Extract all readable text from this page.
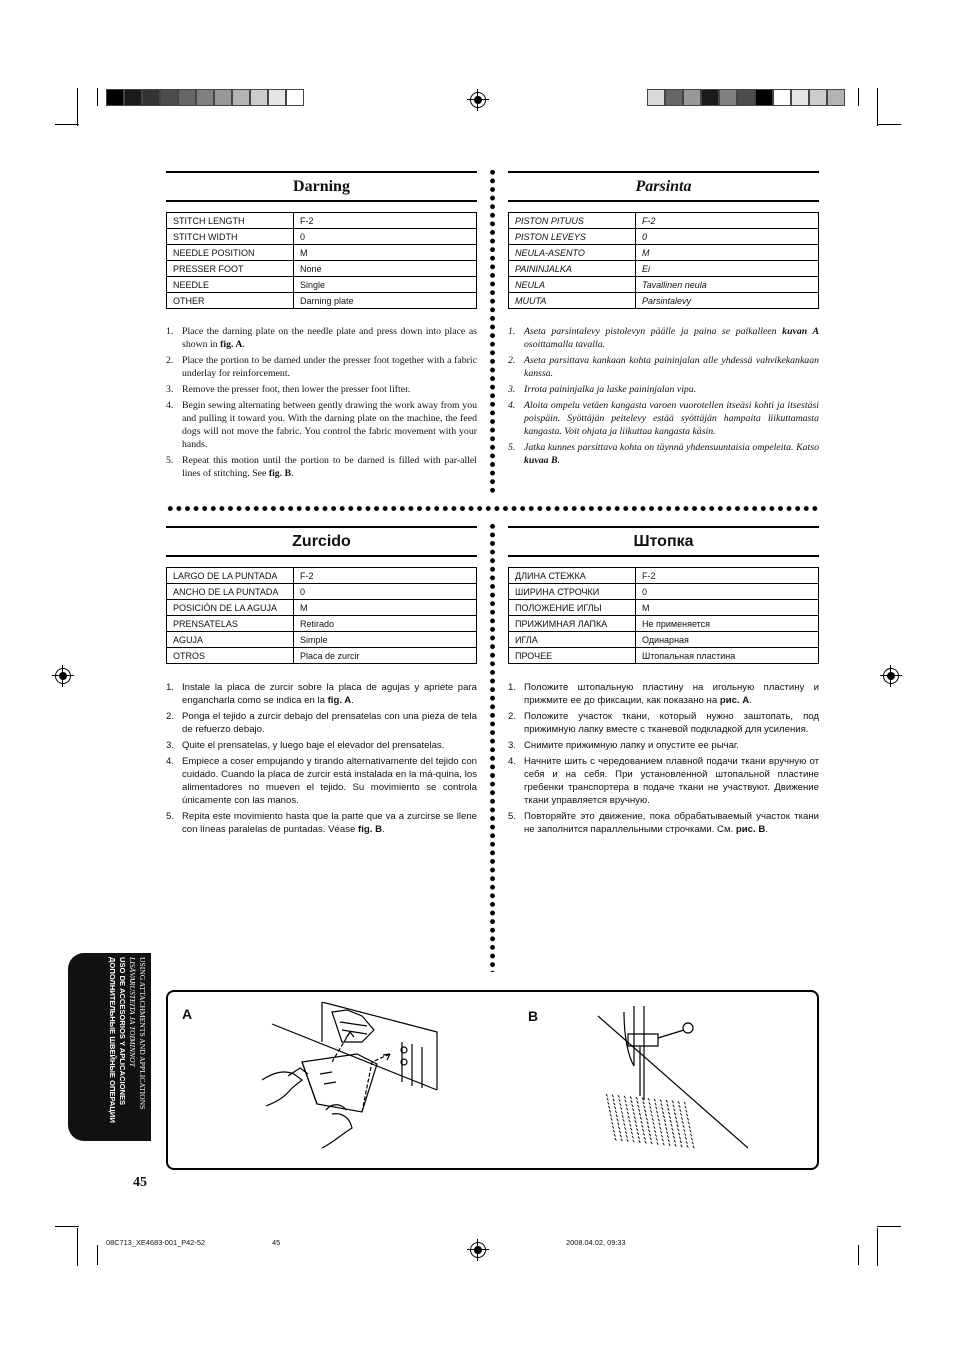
Darning
STITCH LENGTH	F-2
STITCH WIDTH	0
NEEDLE POSITION	M
PRESSER FOOT	None
NEEDLE	Single
OTHER	Darning plate
1. Place the darning plate on the needle plate and press down into place as shown in fig. A.
2. Place the portion to be darned under the presser foot together with a fabric underlay for reinforcement.
3. Remove the presser foot, then lower the presser foot lifter.
4. Begin sewing alternating between gently drawing the work away from you and pulling it toward you. With the darning plate on the machine, the feed dogs will not move the fabric. You control the fabric movement with your hands.
5. Repeat this motion until the portion to be darned is filled with par-allel lines of stitching. See fig. B.
Parsinta
PISTON PITUUS	F-2
PISTON LEVEYS	0
NEULA-ASENTO	M
PAININJALKA	Ei
NEULA	Tavallinen neula
MUUTA	Parsintalevy
1. Aseta parsintalevy pistolevyn päälle ja paina se paikalleen kuvan A osoittamalla tavalla.
2. Aseta parsittava kankaan kohta paininjalan alle yhdessä vahvikekankaan kanssa.
3. Irrota paininjalka ja laske paininjalan vipu.
4. Aloita ompelu vetäen kangasta varoen vuorotellen itseäsi kohti ja itsestäsi poispäin. Syöttäjän peitelevy estää syöttäjän hampaita liikuttamasta kangasta. Voit ohjata ja liikuttaa kangasta käsin.
5. Jatka kunnes parsittava kohta on täynnä yhdensuuntaisia ompeleita. Katso kuvaa B.
Zurcido
LARGO DE LA PUNTADA	F-2
ANCHO DE LA PUNTADA	0
POSICIÓN DE LA AGUJA	M
PRENSATELAS	Retirado
AGUJA	Simple
OTROS	Placa de zurcir
1. Instale la placa de zurcir sobre la placa de agujas y apriete para engancharla como se indica en la fig. A.
2. Ponga el tejido a zurcir debajo del prensatelas con una pieza de tela de refuerzo debajo.
3. Quite el prensatelas, y luego baje el elevador del prensatelas.
4. Empiece a coser empujando y tirando alternativamente del tejido con cuidado. Cuando la placa de zurcir está instalada en la má-quina, los alimentadores no mueven el tejido. Su movimiento se controla únicamente con las manos.
5. Repita este movimiento hasta que la parte que va a zurcirse se llene con líneas paralelas de puntadas. Véase fig. B.
Штопка
ДЛИНА СТЕЖКА	F-2
ШИРИНА СТРОЧКИ	0
ПОЛОЖЕНИЕ ИГЛЫ	M
ПРИЖИМНАЯ ЛАПКА	Не применяется
ИГЛА	Одинарная
ПРОЧЕЕ	Штопальная пластина
1. Положите штопальную пластину на игольную пластину и прижмите ее до фиксации, как показано на рис. A.
2. Положите участок ткани, который нужно заштопать, под прижимную лапку вместе с тканевой подкладкой для усиления.
3. Снимите прижимную лапку и опустите ее рычаг.
4. Начните шить с чередованием плавной подачи ткани вручную от себя и на себя. При установленной штопальной пластине гребенки транспортера в подаче ткани не участвуют. Движение ткани управляется вручную.
5. Повторяйте это движение, пока обрабатываемый участок ткани не заполнится параллельными строчками. См. рис. B.
USING ATTACHMENTS AND APPLICATIONS
LISÄVARUSTEITA JA TOIMINNOT
USO DE ACCESORIOS Y APLICACIONES
ДОПОЛНИТЕЛЬНЫЕ ШВЕЙНЫЕ ОПЕРАЦИИ	A	B
45
08C713_XE4683-001_P42-52	45	2008.04.02, 09:33
